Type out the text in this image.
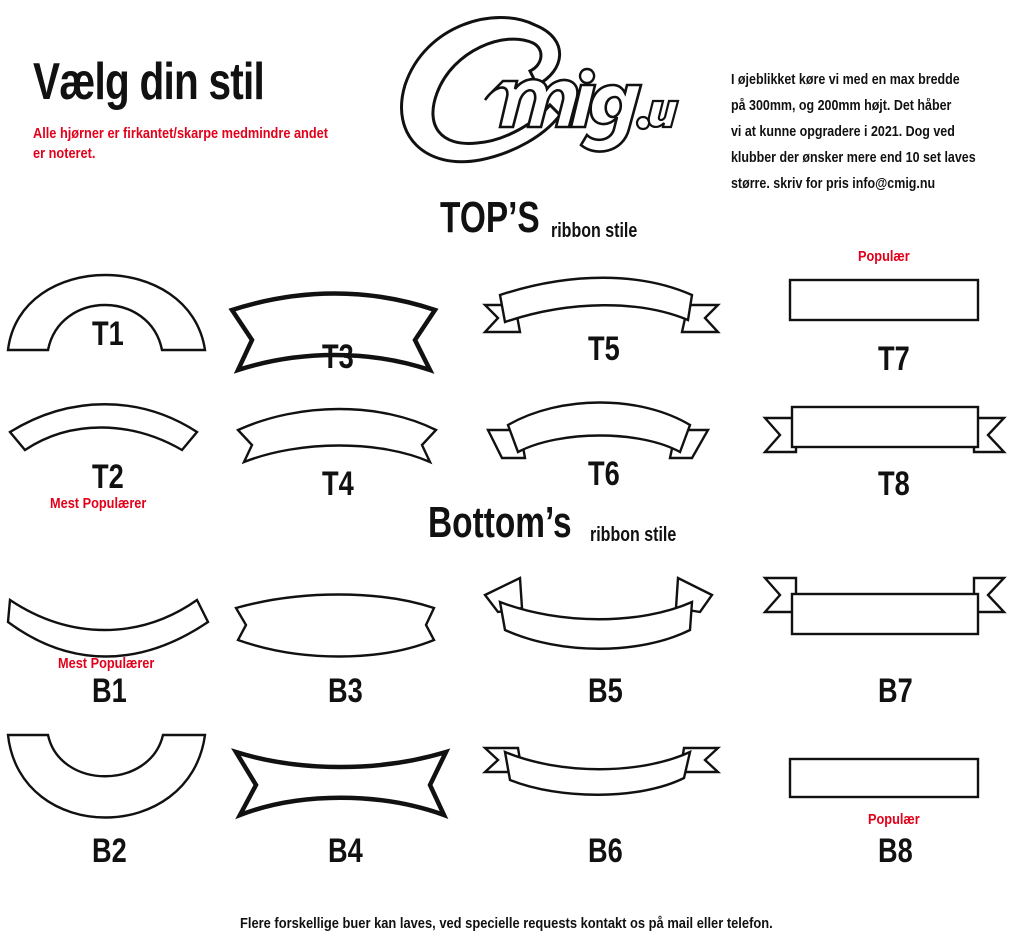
Vælg din stil
Alle hjørner er firkantet/skarpe medmindre andet
er noteret.
I øjeblikket køre vi med en max bredde
på 300mm, og 200mm højt. Det håber
vi at kunne opgradere i 2021. Dog ved
klubber der ønsker mere end 10 set laves
større. skriv for pris info@cmig.nu
TOP’S ribbon stile
Bottom’s ribbon stile
T1
T3	T5	T7
Populær
T2
Mest Populærer
T4	T6	T8
Mest Populærer
B1	B3	B5	B7
B2	B4	B6
Populær
B8
Flere forskellige buer kan laves, ved specielle requests kontakt os på mail eller telefon.
